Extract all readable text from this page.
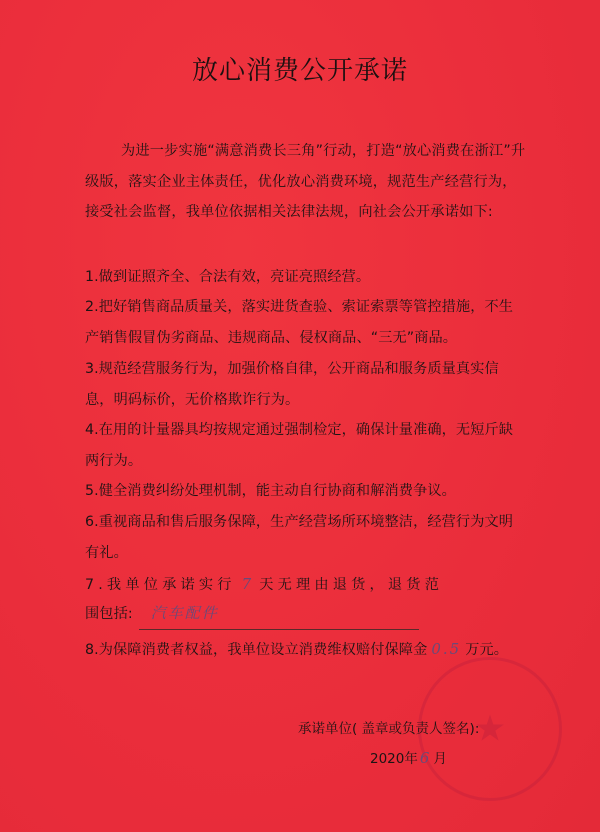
放心消费公开承诺
为进一步实施“满意消费长三角”行动，打造“放心消费在浙江”升级版，落实企业主体责任，优化放心消费环境，规范生产经营行为，接受社会监督，我单位依据相关法律法规，向社会公开承诺如下:
1.做到证照齐全、合法有效，亮证亮照经营。
2.把好销售商品质量关，落实进货查验、索证索票等管控措施，不生产销售假冒伪劣商品、违规商品、侵权商品、“三无”商品。
3.规范经营服务行为，加强价格自律，公开商品和服务质量真实信息，明码标价，无价格欺诈行为。
4.在用的计量器具均按规定通过强制检定，确保计量准确，无短斤缺两行为。
5.健全消费纠纷处理机制，能主动自行协商和解消费争议。
6.重视商品和售后服务保障，生产经营场所环境整洁，经营行为文明有礼。
7.我单位承诺实行 7 天无理由退货，退货范
围包括: 汽车配件
8.为保障消费者权益，我单位设立消费维权赔付保障金 0.5 万元。
★
承诺单位( 盖章或负责人签名):
2020年 6 月
